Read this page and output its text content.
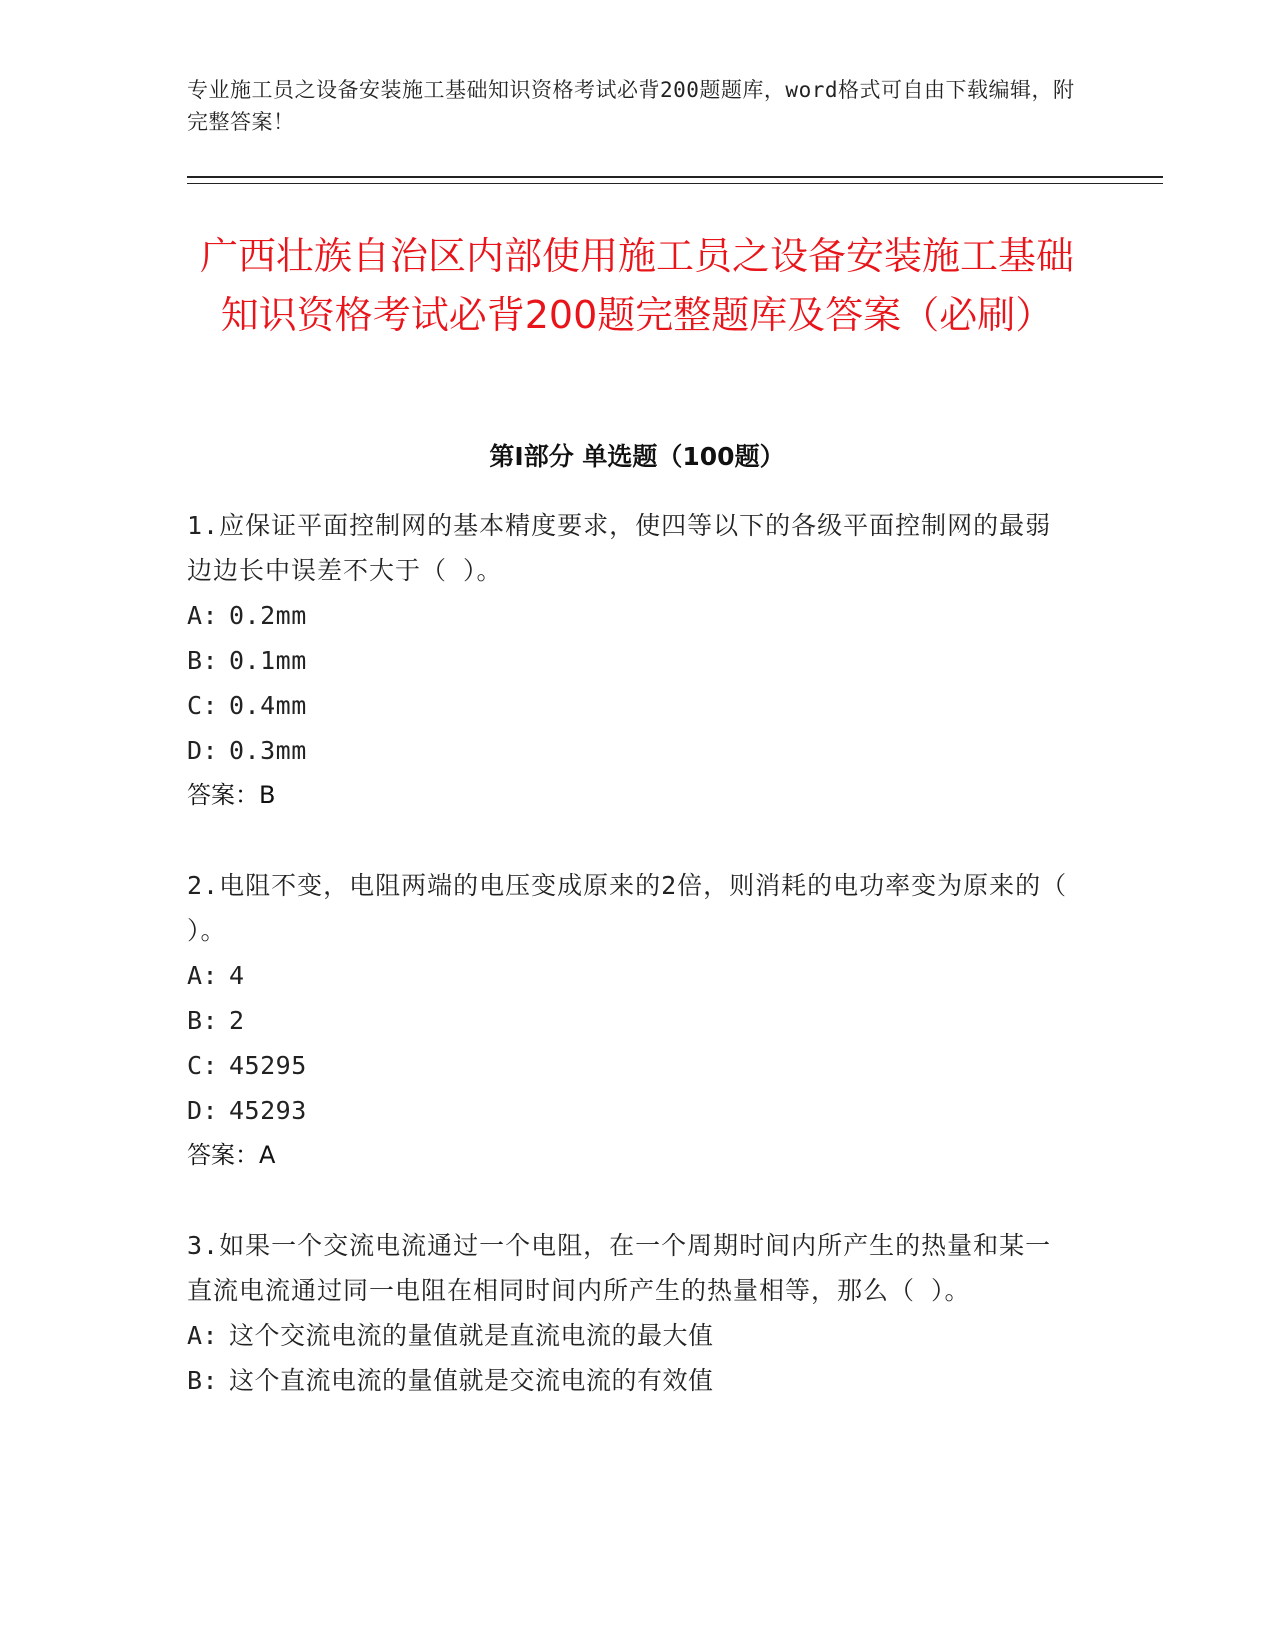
专业施工员之设备安装施工基础知识资格考试必背200题题库，word格式可自由下载编辑，附完整答案！
广西壮族自治区内部使用施工员之设备安装施工基础知识资格考试必背200题完整题库及答案（必刷）
第I部分 单选题（100题）
1.应保证平面控制网的基本精度要求，使四等以下的各级平面控制网的最弱边边长中误差不大于（ ）。
A: 0.2mm
B: 0.1mm
C: 0.4mm
D: 0.3mm
答案：B
2.电阻不变，电阻两端的电压变成原来的2倍，则消耗的电功率变为原来的（ ）。
A: 4
B: 2
C: 45295
D: 45293
答案：A
3.如果一个交流电流通过一个电阻，在一个周期时间内所产生的热量和某一直流电流通过同一电阻在相同时间内所产生的热量相等，那么（ ）。
A: 这个交流电流的量值就是直流电流的最大值
B: 这个直流电流的量值就是交流电流的有效值
